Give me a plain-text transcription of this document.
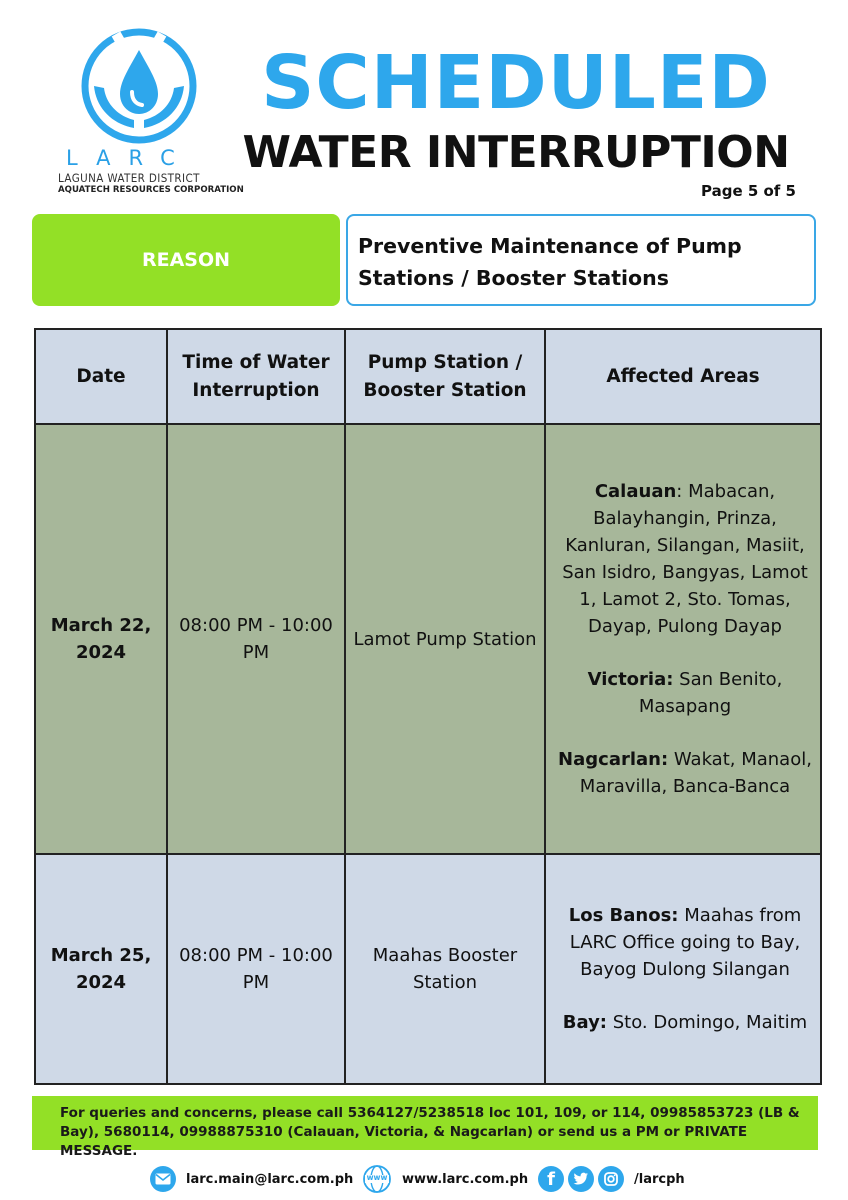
LARC
LAGUNA WATER DISTRICT
AQUATECH RESOURCES CORPORATION
SCHEDULED
WATER INTERRUPTION
Page 5 of 5
REASON
Preventive Maintenance of Pump Stations / Booster Stations
Date	Time of Water Interruption	Pump Station / Booster Station	Affected Areas
March 22, 2024	08:00 PM - 10:00 PM	Lamot Pump Station	Calauan: Mabacan, Balayhangin, Prinza, Kanluran, Silangan, Masiit, San Isidro, Bangyas, Lamot 1, Lamot 2, Sto. Tomas, Dayap, Pulong Dayap
Victoria: San Benito, Masapang
Nagcarlan: Wakat, Manaol, Maravilla, Banca-Banca

March 25, 2024	08:00 PM - 10:00 PM	Maahas Booster Station	Los Banos: Maahas from LARC Office going to Bay, Bayog Dulong Silangan
Bay: Sto. Domingo, Maitim
For queries and concerns, please call 5364127/5238518 loc 101, 109, or 114, 09985853723 (LB & Bay), 5680114, 09988875310 (Calauan, Victoria, & Nagcarlan) or send us a PM or PRIVATE MESSAGE.
larc.main@larc.com.ph	www	www.larc.com.ph	f	/larcph
